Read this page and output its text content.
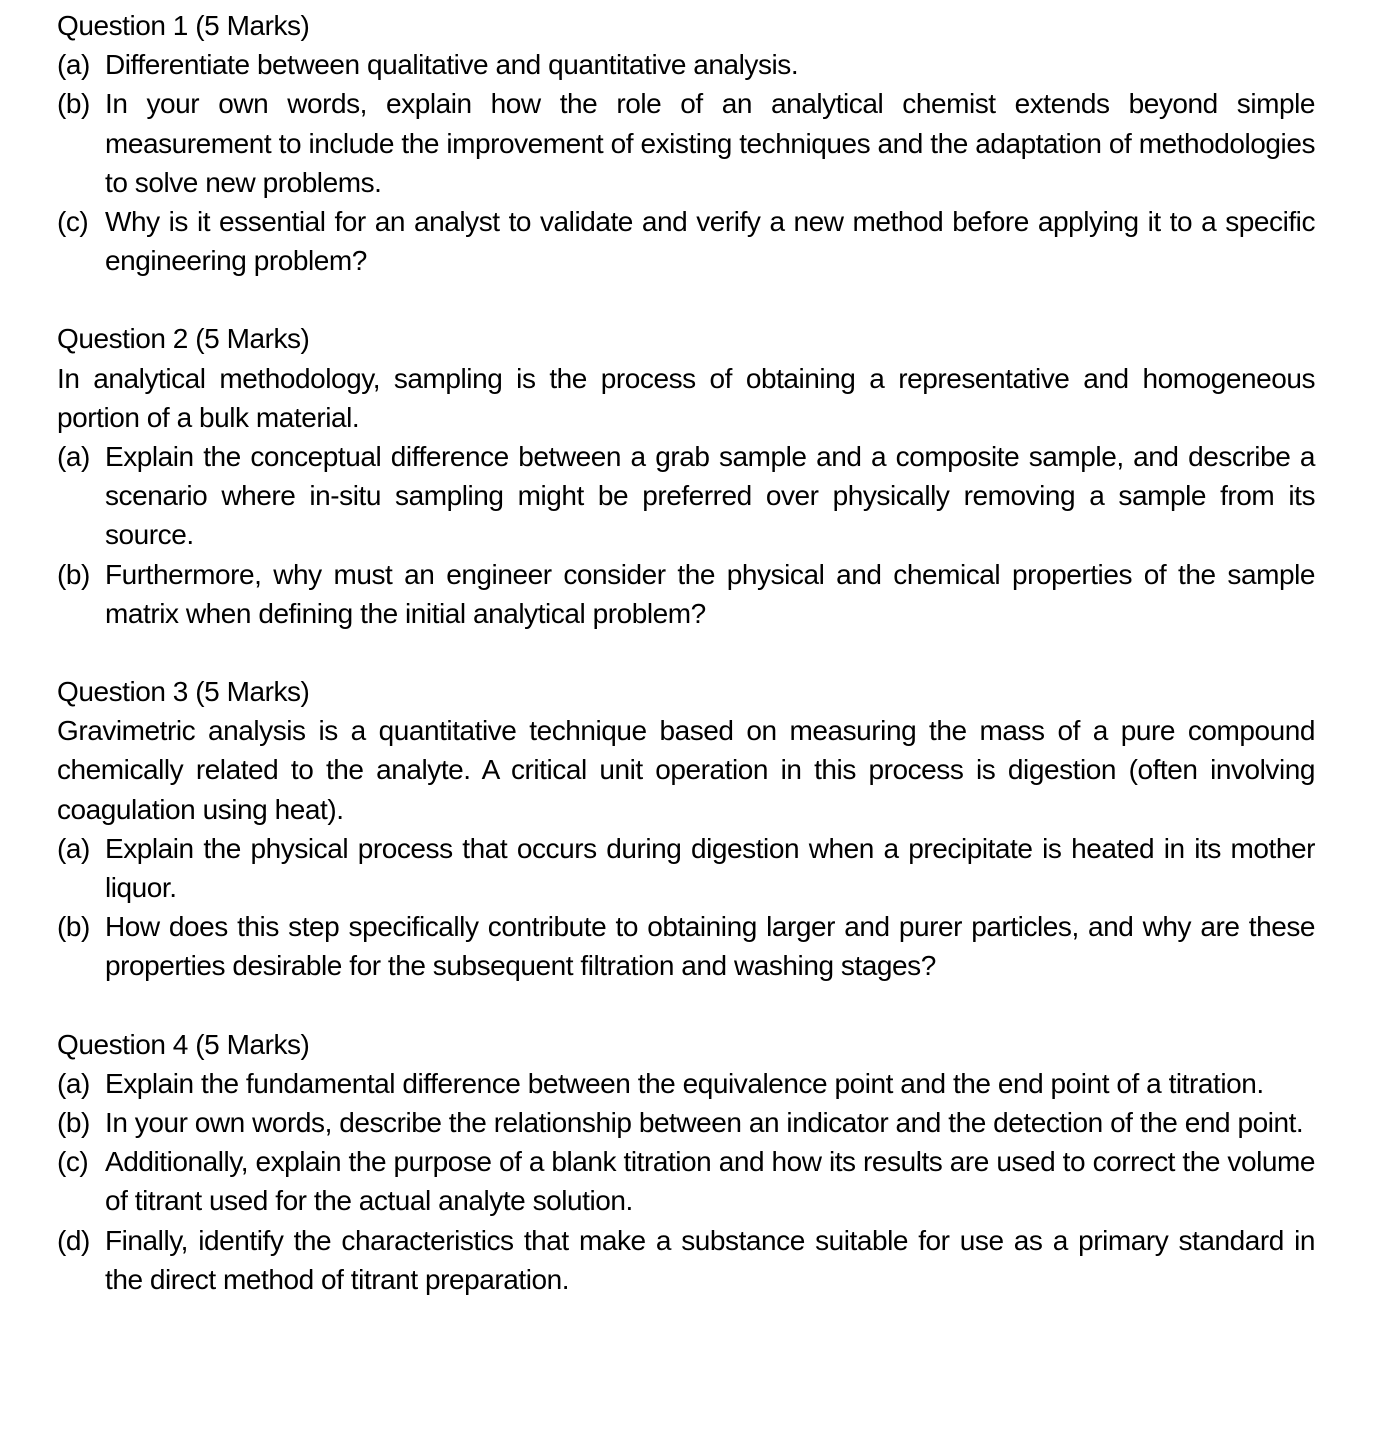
Question 1 (5 Marks)
(a) Differentiate between qualitative and quantitative analysis.
(b) In your own words, explain how the role of an analytical chemist extends beyond simple measurement to include the improvement of existing techniques and the adaptation of methodologies to solve new problems.
(c) Why is it essential for an analyst to validate and verify a new method before applying it to a specific engineering problem?
Question 2 (5 Marks)
In analytical methodology, sampling is the process of obtaining a representative and homogeneous portion of a bulk material.
(a) Explain the conceptual difference between a grab sample and a composite sample, and describe a scenario where in-situ sampling might be preferred over physically removing a sample from its source.
(b) Furthermore, why must an engineer consider the physical and chemical properties of the sample matrix when defining the initial analytical problem?
Question 3 (5 Marks)
Gravimetric analysis is a quantitative technique based on measuring the mass of a pure compound chemically related to the analyte. A critical unit operation in this process is digestion (often involving coagulation using heat).
(a) Explain the physical process that occurs during digestion when a precipitate is heated in its mother liquor.
(b) How does this step specifically contribute to obtaining larger and purer particles, and why are these properties desirable for the subsequent filtration and washing stages?
Question 4 (5 Marks)
(a) Explain the fundamental difference between the equivalence point and the end point of a titration.
(b) In your own words, describe the relationship between an indicator and the detection of the end point.
(c) Additionally, explain the purpose of a blank titration and how its results are used to correct the volume of titrant used for the actual analyte solution.
(d) Finally, identify the characteristics that make a substance suitable for use as a primary standard in the direct method of titrant preparation.
